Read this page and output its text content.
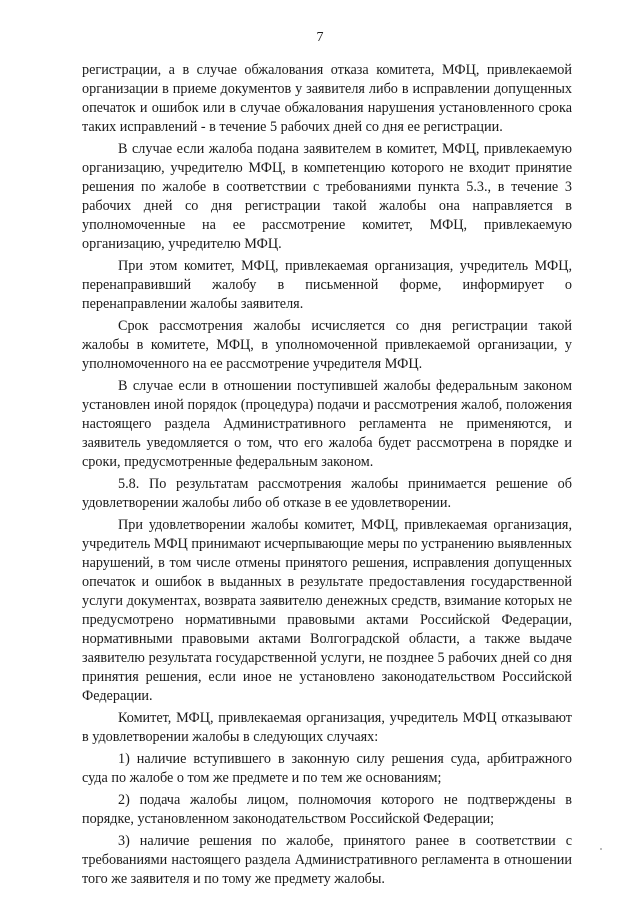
7

регистрации, а в случае обжалования отказа комитета, МФЦ, привлекаемой организации в приеме документов у заявителя либо в исправлении допущенных опечаток и ошибок или в случае обжалования нарушения установленного срока таких исправлений - в течение 5 рабочих дней со дня ее регистрации.

В случае если жалоба подана заявителем в комитет, МФЦ, привлекаемую организацию, учредителю МФЦ, в компетенцию которого не входит принятие решения по жалобе в соответствии с требованиями пункта 5.3., в течение 3 рабочих дней со дня регистрации такой жалобы она направляется в уполномоченные на ее рассмотрение комитет, МФЦ, привлекаемую организацию, учредителю МФЦ.

При этом комитет, МФЦ, привлекаемая организация, учредитель МФЦ, перенаправивший жалобу в письменной форме, информирует о перенаправлении жалобы заявителя.

Срок рассмотрения жалобы исчисляется со дня регистрации такой жалобы в комитете, МФЦ, в уполномоченной привлекаемой организации, у уполномоченного на ее рассмотрение учредителя МФЦ.

В случае если в отношении поступившей жалобы федеральным законом установлен иной порядок (процедура) подачи и рассмотрения жалоб, положения настоящего раздела Административного регламента не применяются, и заявитель уведомляется о том, что его жалоба будет рассмотрена в порядке и сроки, предусмотренные федеральным законом.

5.8. По результатам рассмотрения жалобы принимается решение об удовлетворении жалобы либо об отказе в ее удовлетворении.

При удовлетворении жалобы комитет, МФЦ, привлекаемая организация, учредитель МФЦ принимают исчерпывающие меры по устранению выявленных нарушений, в том числе отмены принятого решения, исправления допущенных опечаток и ошибок в выданных в результате предоставления государственной услуги документах, возврата заявителю денежных средств, взимание которых не предусмотрено нормативными правовыми актами Российской Федерации, нормативными правовыми актами Волгоградской области, а также выдаче заявителю результата государственной услуги, не позднее 5 рабочих дней со дня принятия решения, если иное не установлено законодательством Российской Федерации.

Комитет, МФЦ, привлекаемая организация, учредитель МФЦ отказывают в удовлетворении жалобы в следующих случаях:

1) наличие вступившего в законную силу решения суда, арбитражного суда по жалобе о том же предмете и по тем же основаниям;

2) подача жалобы лицом, полномочия которого не подтверждены в порядке, установленном законодательством Российской Федерации;

3) наличие решения по жалобе, принятого ранее в соответствии с требованиями настоящего раздела Административного регламента в отношении того же заявителя и по тому же предмету жалобы.
